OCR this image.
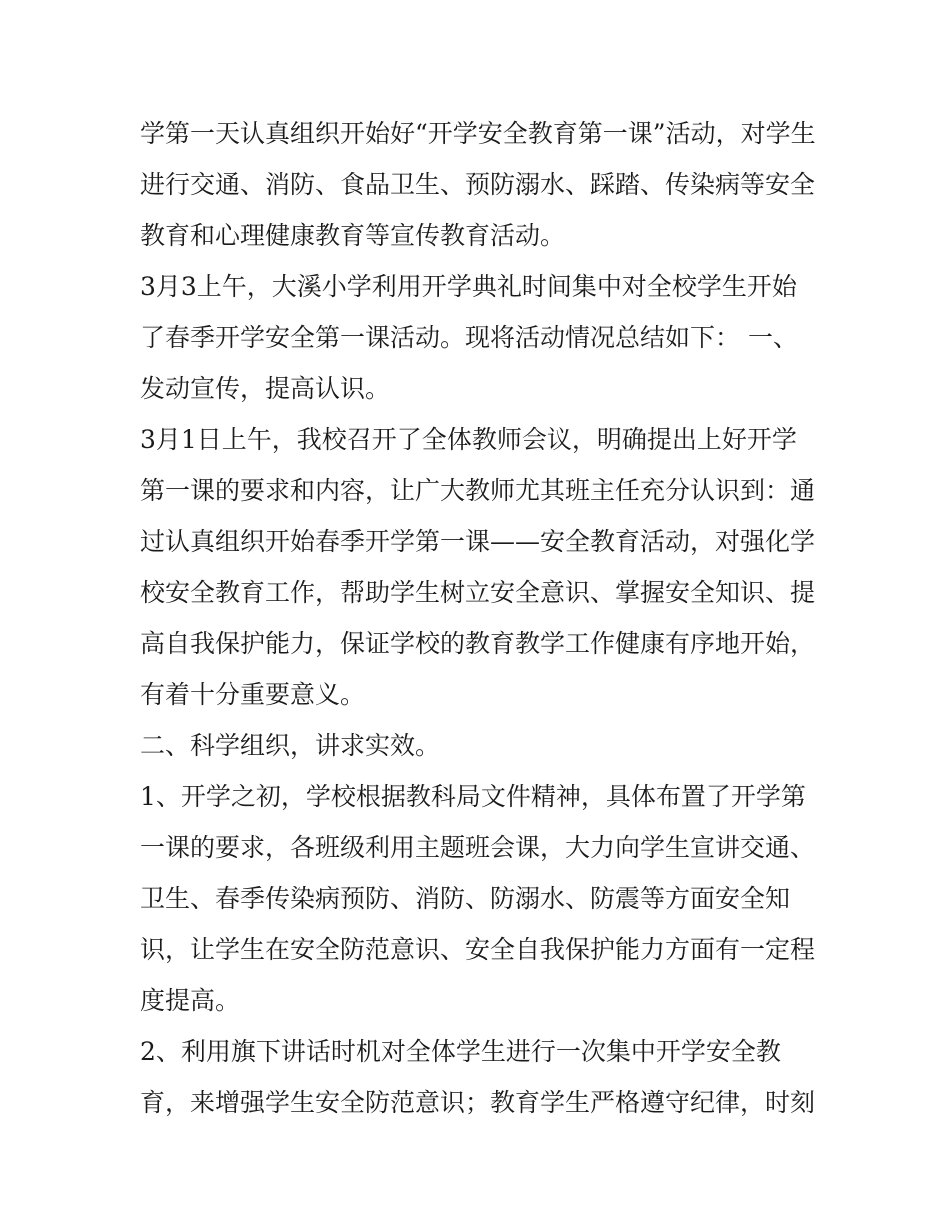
学第一天认真组织开始好“开学安全教育第一课”活动，对学生
进行交通、消防、食品卫生、预防溺水、踩踏、传染病等安全
教育和心理健康教育等宣传教育活动。
3月3上午，大溪小学利用开学典礼时间集中对全校学生开始
了春季开学安全第一课活动。现将活动情况总结如下： 一、
发动宣传，提高认识。
3月1日上午，我校召开了全体教师会议，明确提出上好开学
第一课的要求和内容，让广大教师尤其班主任充分认识到：通
过认真组织开始春季开学第一课——安全教育活动，对强化学
校安全教育工作，帮助学生树立安全意识、掌握安全知识、提
高自我保护能力，保证学校的教育教学工作健康有序地开始，
有着十分重要意义。
二、科学组织，讲求实效。
1、开学之初，学校根据教科局文件精神，具体布置了开学第
一课的要求，各班级利用主题班会课，大力向学生宣讲交通、
卫生、春季传染病预防、消防、防溺水、防震等方面安全知
识，让学生在安全防范意识、安全自我保护能力方面有一定程
度提高。
2、利用旗下讲话时机对全体学生进行一次集中开学安全教
育，来增强学生安全防范意识；教育学生严格遵守纪律，时刻
